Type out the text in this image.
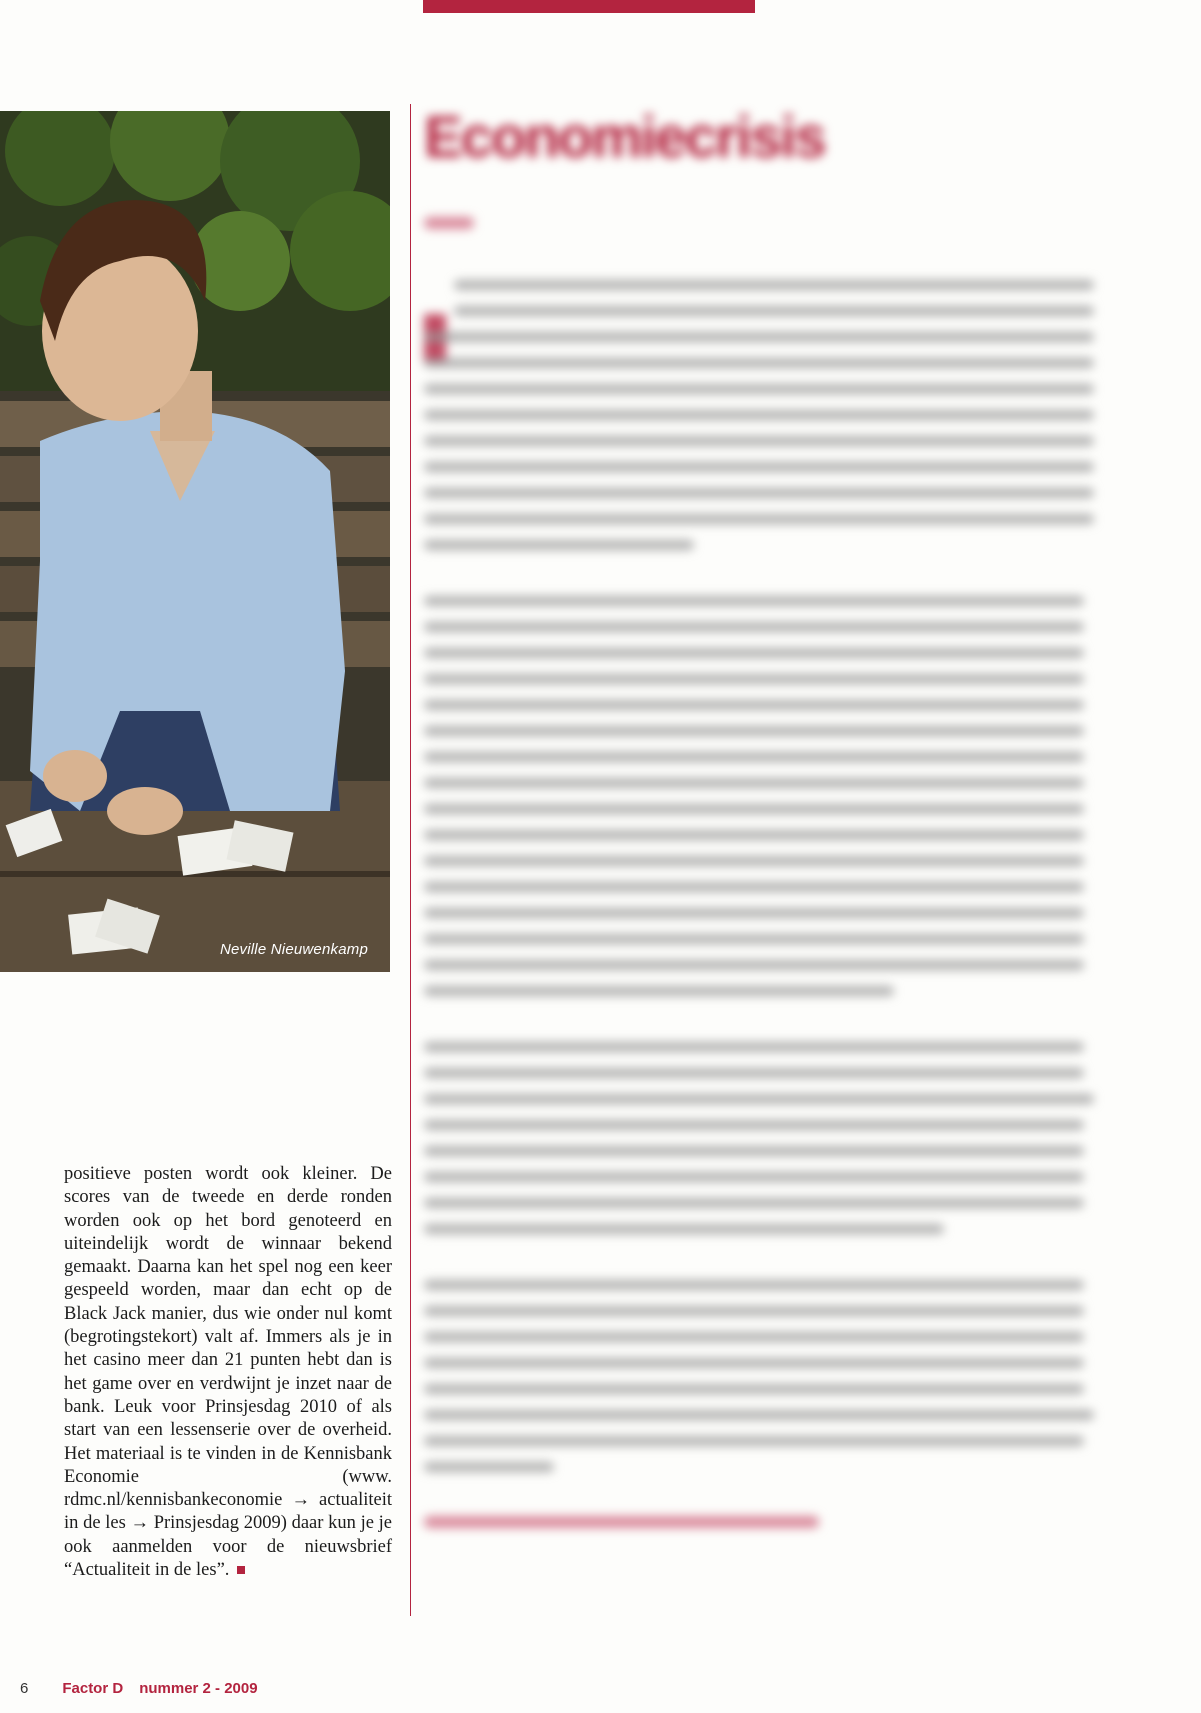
Neville Nieuwenkamp
Economiecrisis
positieve posten wordt ook kleiner. De scores van de tweede en derde ronden worden ook op het bord genoteerd en uiteindelijk wordt de winnaar bekend gemaakt. Daarna kan het spel nog een keer gespeeld worden, maar dan echt op de Black Jack manier, dus wie onder nul komt (begrotingstekort) valt af. Immers als je in het casino meer dan 21 punten hebt dan is het game over en verdwijnt je inzet naar de bank. Leuk voor Prinsjesdag 2010 of als start van een lessenserie over de overheid. Het materiaal is te vinden in de Kennisbank Economie (www. rdmc.nl/kennisbankeconomie → actualiteit in de les → Prinsjesdag 2009) daar kun je je ook aanmelden voor de nieuwsbrief “Actualiteit in de les”.
6 Factor D nummer 2 - 2009
